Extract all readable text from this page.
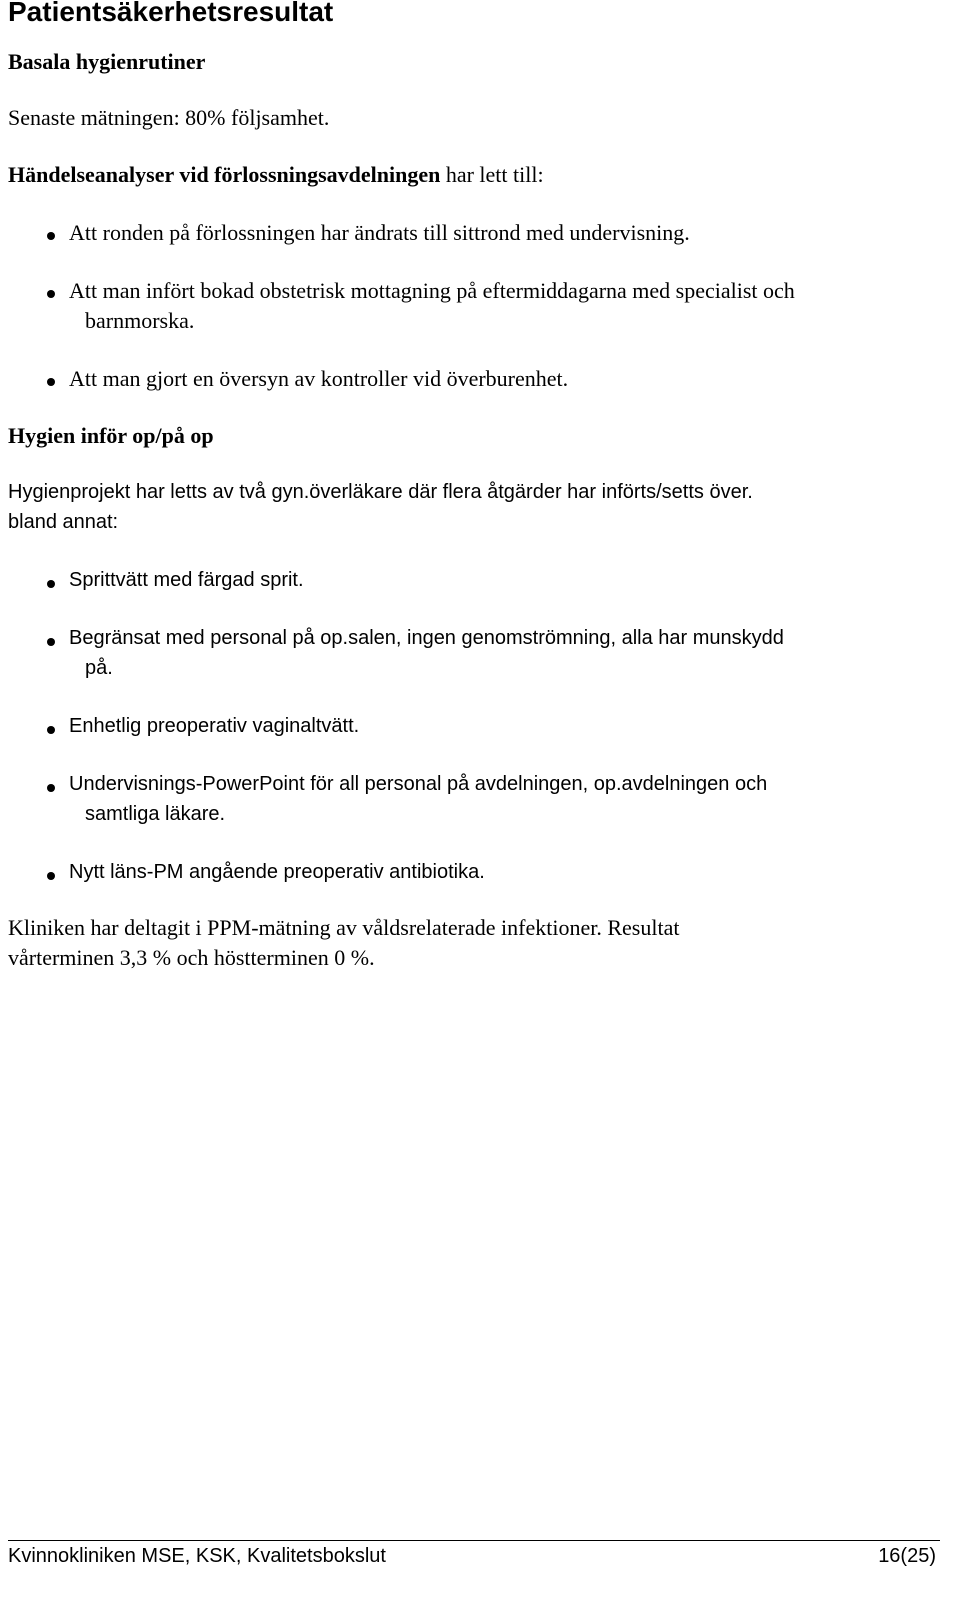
Patientsäkerhetsresultat
Basala hygienrutiner
Senaste mätningen: 80% följsamhet.
Händelseanalyser vid förlossningsavdelningen har lett till:
Att ronden på förlossningen har ändrats till sittrond med undervisning.
Att man infört bokad obstetrisk mottagning på eftermiddagarna med specialist och
barnmorska.
Att man gjort en översyn av kontroller vid överburenhet.
Hygien inför op/på op
Hygienprojekt har letts av två gyn.överläkare där flera åtgärder har införts/setts över.
bland annat:
Sprittvätt med färgad sprit.
Begränsat med personal på op.salen, ingen genomströmning, alla har munskydd
på.
Enhetlig preoperativ vaginaltvätt.
Undervisnings-PowerPoint för all personal på avdelningen, op.avdelningen och
samtliga läkare.
Nytt läns-PM angående preoperativ antibiotika.
Kliniken har deltagit i PPM-mätning av våldsrelaterade infektioner. Resultat
vårterminen 3,3 % och höstterminen 0 %.
Kvinnokliniken MSE, KSK, Kvalitetsbokslut	16(25)
